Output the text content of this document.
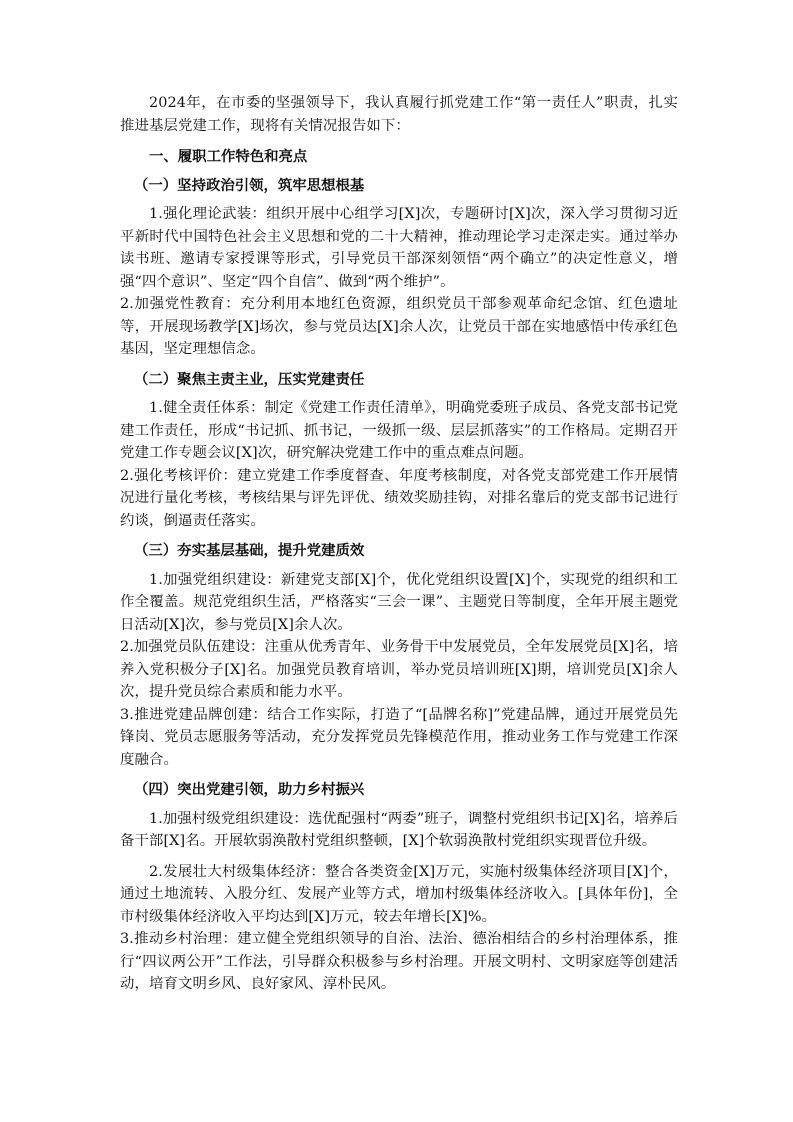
2024年，在市委的坚强领导下，我认真履行抓党建工作“第一责任人”职责，扎实推进基层党建工作，现将有关情况报告如下：

一、履职工作特色和亮点
（一）坚持政治引领，筑牢思想根基

1.强化理论武装：组织开展中心组学习[X]次，专题研讨[X]次，深入学习贯彻习近平新时代中国特色社会主义思想和党的二十大精神，推动理论学习走深走实。通过举办读书班、邀请专家授课等形式，引导党员干部深刻领悟“两个确立”的决定性意义，增强“四个意识”、坚定“四个自信”、做到“两个维护”。

2.加强党性教育：充分利用本地红色资源，组织党员干部参观革命纪念馆、红色遗址等，开展现场教学[X]场次，参与党员达[X]余人次，让党员干部在实地感悟中传承红色基因，坚定理想信念。

（二）聚焦主责主业，压实党建责任

1.健全责任体系：制定《党建工作责任清单》，明确党委班子成员、各党支部书记党建工作责任，形成“书记抓、抓书记，一级抓一级、层层抓落实”的工作格局。定期召开党建工作专题会议[X]次，研究解决党建工作中的重点难点问题。

2.强化考核评价：建立党建工作季度督查、年度考核制度，对各党支部党建工作开展情况进行量化考核，考核结果与评先评优、绩效奖励挂钩，对排名靠后的党支部书记进行约谈，倒逼责任落实。

（三）夯实基层基础，提升党建质效

1.加强党组织建设：新建党支部[X]个，优化党组织设置[X]个，实现党的组织和工作全覆盖。规范党组织生活，严格落实“三会一课”、主题党日等制度，全年开展主题党日活动[X]次，参与党员[X]余人次。

2.加强党员队伍建设：注重从优秀青年、业务骨干中发展党员，全年发展党员[X]名，培养入党积极分子[X]名。加强党员教育培训，举办党员培训班[X]期，培训党员[X]余人次，提升党员综合素质和能力水平。

3.推进党建品牌创建：结合工作实际，打造了“[品牌名称]”党建品牌，通过开展党员先锋岗、党员志愿服务等活动，充分发挥党员先锋模范作用，推动业务工作与党建工作深度融合。

（四）突出党建引领，助力乡村振兴

1.加强村级党组织建设：选优配强村“两委”班子，调整村党组织书记[X]名，培养后备干部[X]名。开展软弱涣散村党组织整顿，[X]个软弱涣散村党组织实现晋位升级。

2.发展壮大村级集体经济：整合各类资金[X]万元，实施村级集体经济项目[X]个，通过土地流转、入股分红、发展产业等方式，增加村级集体经济收入。[具体年份]，全市村级集体经济收入平均达到[X]万元，较去年增长[X]%。

3.推动乡村治理：建立健全党组织领导的自治、法治、德治相结合的乡村治理体系，推行“四议两公开”工作法，引导群众积极参与乡村治理。开展文明村、文明家庭等创建活动，培育文明乡风、良好家风、淳朴民风。
